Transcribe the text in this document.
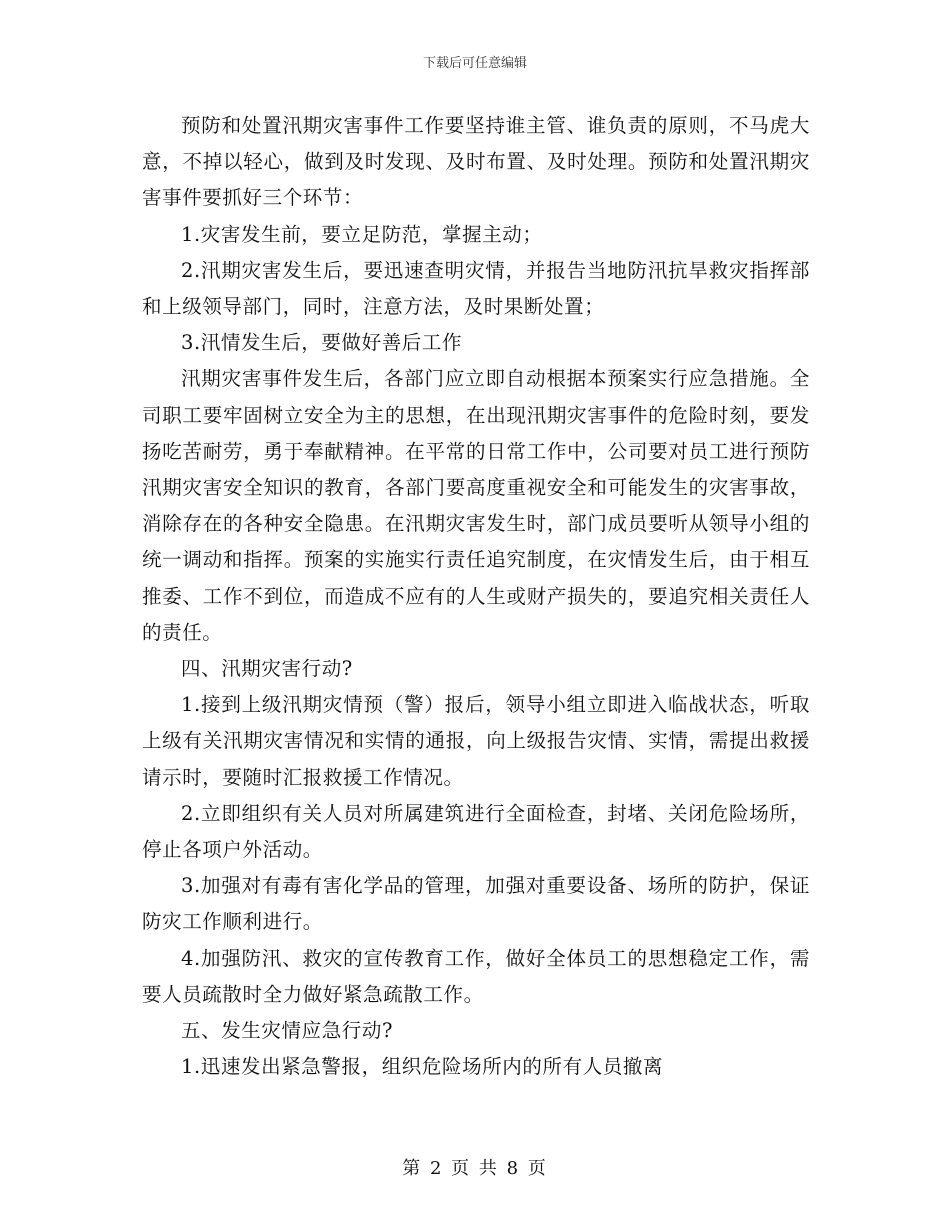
下载后可任意编辑

预防和处置汛期灾害事件工作要坚持谁主管、谁负责的原则，不马虎大意，不掉以轻心，做到及时发现、及时布置、及时处理。预防和处置汛期灾害事件要抓好三个环节：

1.灾害发生前，要立足防范，掌握主动；

2.汛期灾害发生后，要迅速查明灾情，并报告当地防汛抗旱救灾指挥部和上级领导部门，同时，注意方法，及时果断处置；

3.汛情发生后，要做好善后工作

汛期灾害事件发生后，各部门应立即自动根据本预案实行应急措施。全司职工要牢固树立安全为主的思想，在出现汛期灾害事件的危险时刻，要发扬吃苦耐劳，勇于奉献精神。在平常的日常工作中，公司要对员工进行预防汛期灾害安全知识的教育，各部门要高度重视安全和可能发生的灾害事故，消除存在的各种安全隐患。在汛期灾害发生时，部门成员要听从领导小组的统一调动和指挥。预案的实施实行责任追究制度，在灾情发生后，由于相互推委、工作不到位，而造成不应有的人生或财产损失的，要追究相关责任人的责任。

四、汛期灾害行动?

1.接到上级汛期灾情预（警）报后，领导小组立即进入临战状态，听取上级有关汛期灾害情况和实情的通报，向上级报告灾情、实情，需提出救援请示时，要随时汇报救援工作情况。

2.立即组织有关人员对所属建筑进行全面检查，封堵、关闭危险场所，停止各项户外活动。

3.加强对有毒有害化学品的管理，加强对重要设备、场所的防护，保证防灾工作顺利进行。

4.加强防汛、救灾的宣传教育工作，做好全体员工的思想稳定工作，需要人员疏散时全力做好紧急疏散工作。

五、发生灾情应急行动?

1.迅速发出紧急警报，组织危险场所内的所有人员撤离

第 2 页 共 8 页
